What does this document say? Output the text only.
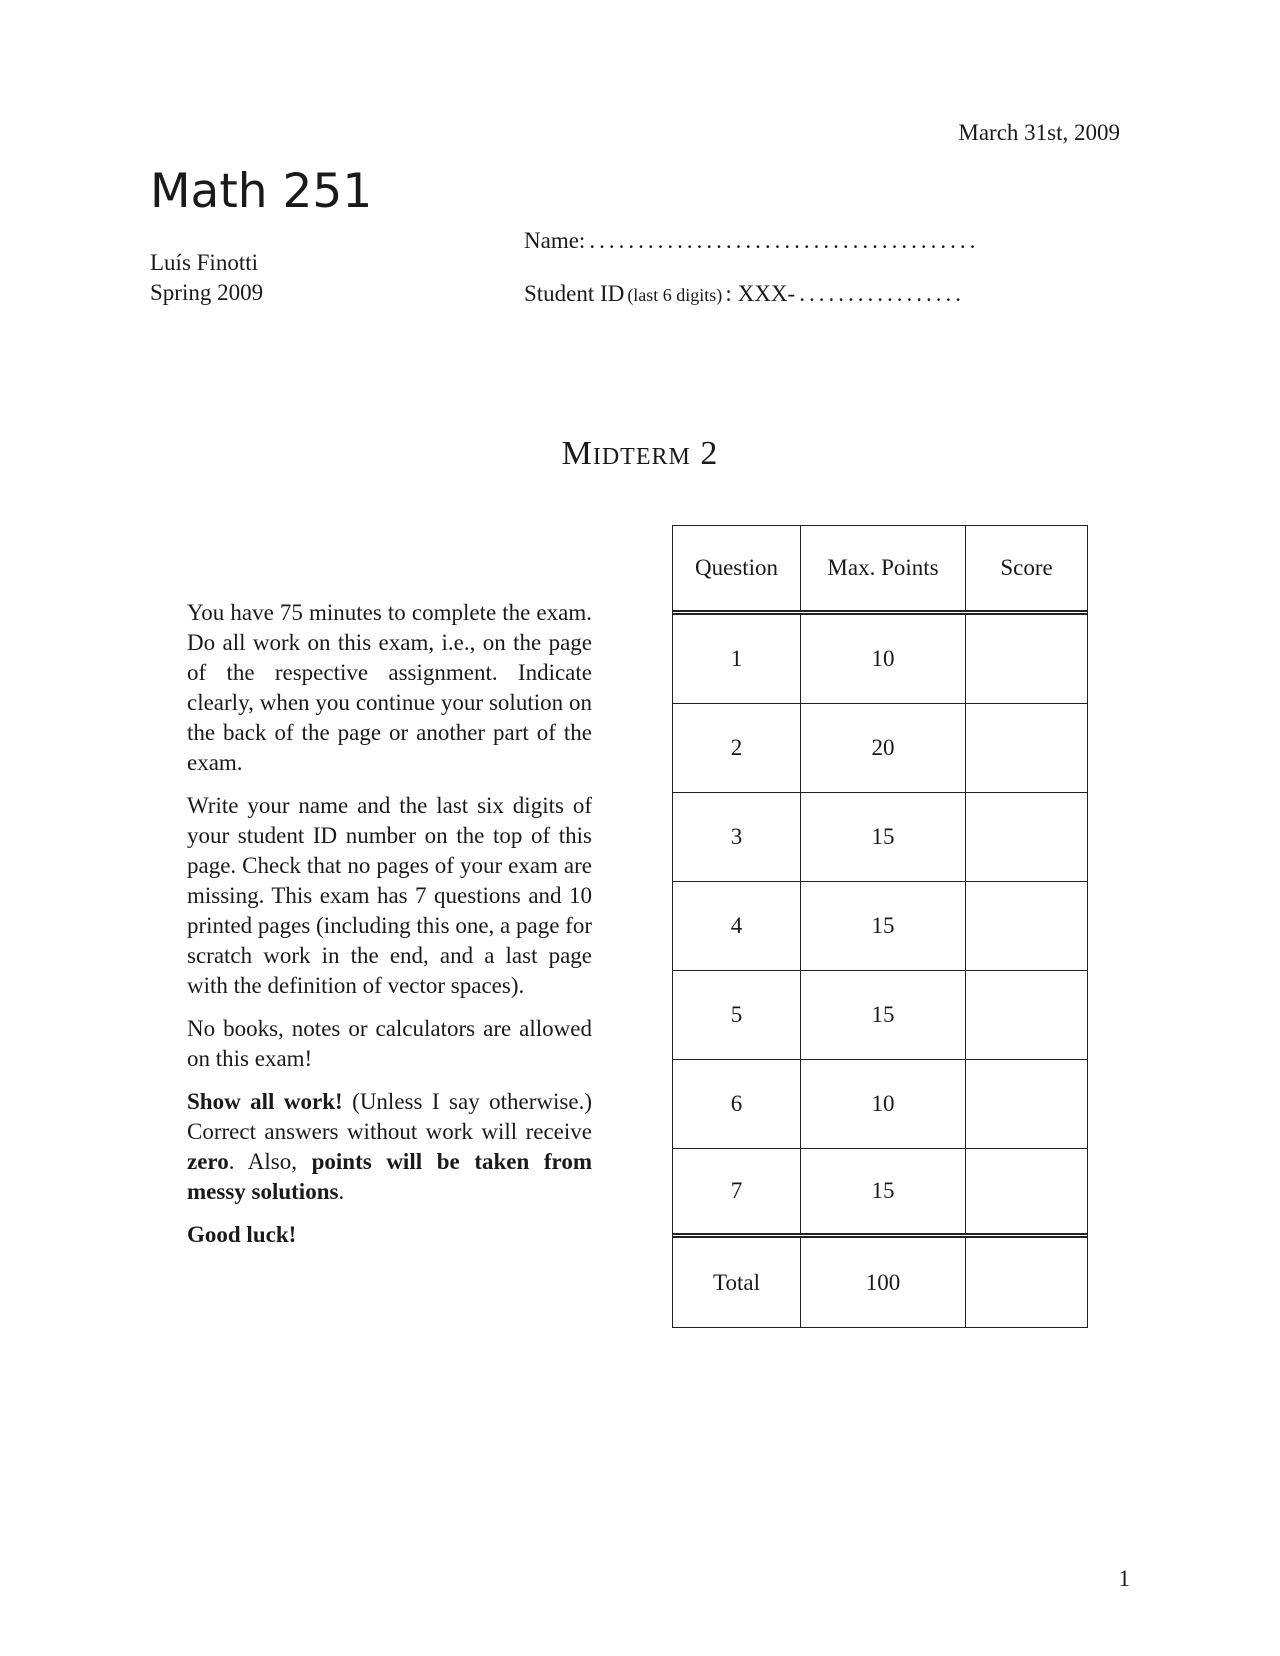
March 31st, 2009
Math 251
Luís Finotti
Spring 2009
Name: ........................................
Student ID (last 6 digits) : XXX- .................
Midterm 2

You have 75 minutes to complete the exam. Do all work on this exam, i.e., on the page of the respective assignment. Indicate clearly, when you continue your solution on the back of the page or another part of the exam.

Write your name and the last six digits of your student ID number on the top of this page. Check that no pages of your exam are missing. This exam has 7 questions and 10 printed pages (including this one, a page for scratch work in the end, and a last page with the definition of vector spaces).

No books, notes or calculators are allowed on this exam!

Show all work! (Unless I say otherwise.) Correct answers without work will receive zero. Also, points will be taken from messy solutions.

Good luck!

Question	Max. Points	Score
1	10
2	20
3	15
4	15
5	15
6	10
7	15
Total	100
1
